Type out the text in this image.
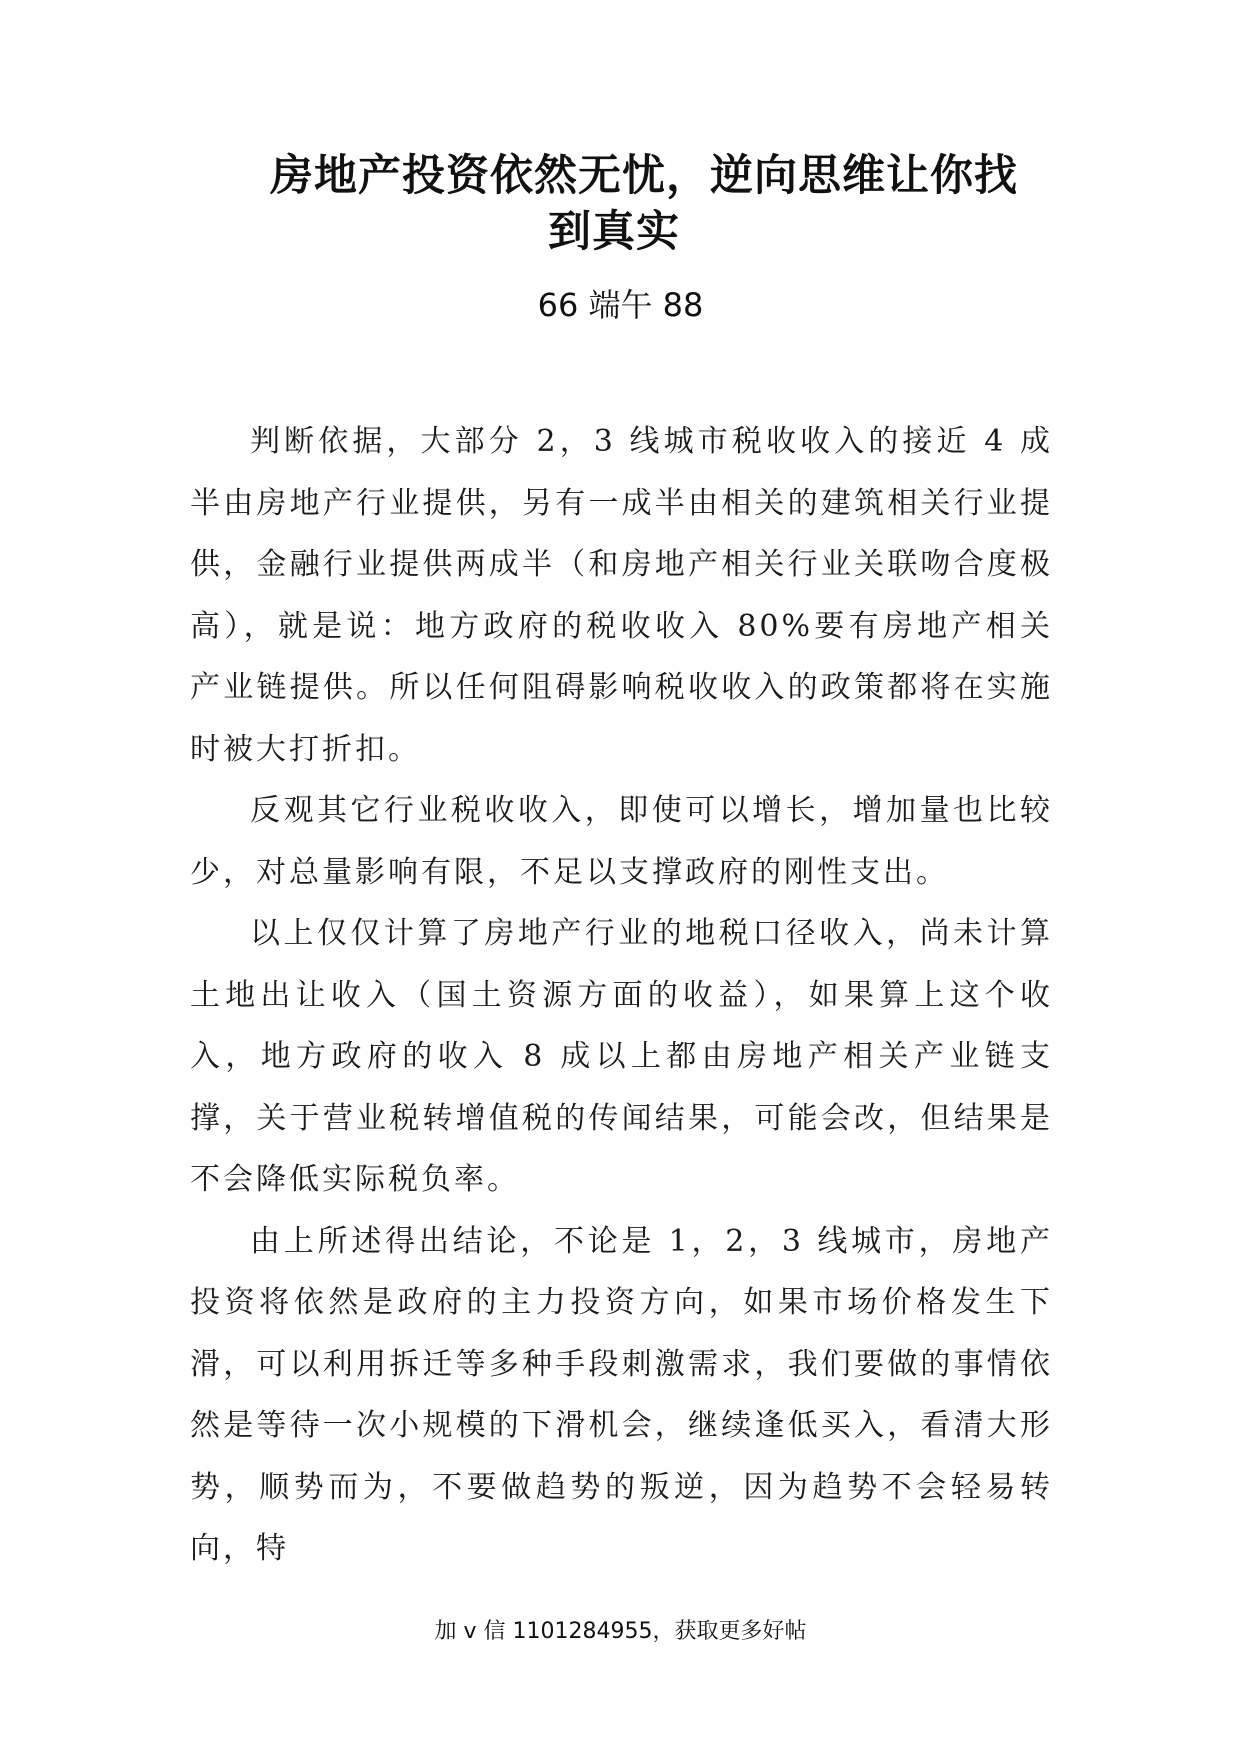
房地产投资依然无忧，逆向思维让你找
到真实
66 端午 88

判断依据，大部分 2，3 线城市税收收入的接近 4 成半由房地产行业提供，另有一成半由相关的建筑相关行业提供，金融行业提供两成半（和房地产相关行业关联吻合度极高），就是说：地方政府的税收收入 80%要有房地产相关产业链提供。所以任何阻碍影响税收收入的政策都将在实施时被大打折扣。

反观其它行业税收收入，即使可以增长，增加量也比较少，对总量影响有限，不足以支撑政府的刚性支出。

以上仅仅计算了房地产行业的地税口径收入，尚未计算土地出让收入（国土资源方面的收益），如果算上这个收入，地方政府的收入 8 成以上都由房地产相关产业链支撑，关于营业税转增值税的传闻结果，可能会改，但结果是不会降低实际税负率。

由上所述得出结论，不论是 1，2，3 线城市，房地产投资将依然是政府的主力投资方向，如果市场价格发生下滑，可以利用拆迁等多种手段刺激需求，我们要做的事情依然是等待一次小规模的下滑机会，继续逢低买入，看清大形势，顺势而为，不要做趋势的叛逆，因为趋势不会轻易转向，特

加 v 信 1101284955，获取更多好帖
